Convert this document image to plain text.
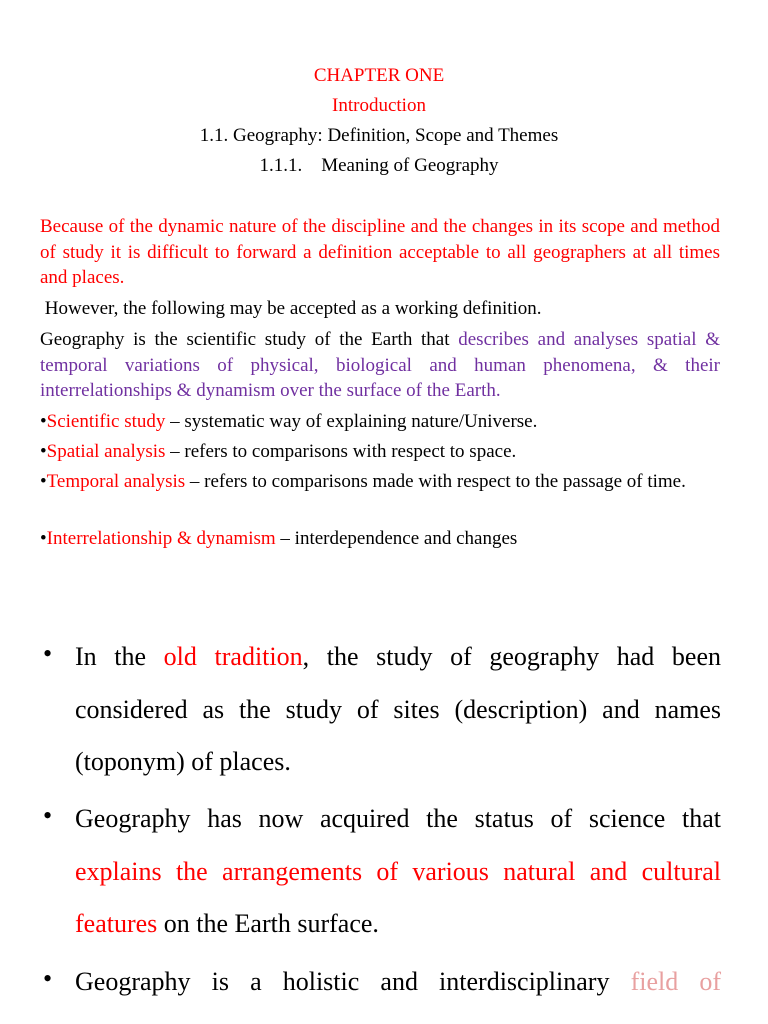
CHAPTER ONE
Introduction
1.1. Geography: Definition, Scope and Themes
1.1.1.    Meaning of Geography
Because of the dynamic nature of the discipline and the changes in its scope and method of study it is difficult to forward a definition acceptable to all geographers at all times and places.
However, the following may be accepted as a working definition.
Geography is the scientific study of the Earth that describes and analyses spatial & temporal variations of physical, biological and human phenomena, & their interrelationships & dynamism over the surface of the Earth.
•Scientific study – systematic way of explaining nature/Universe.
•Spatial analysis – refers to comparisons with respect to space.
•Temporal analysis – refers to comparisons made with respect to the passage of time.
•Interrelationship & dynamism – interdependence and changes
• In the old tradition, the study of geography had been considered as the study of sites (description) and names (toponym) of places.
• Geography has now acquired the status of science that explains the arrangements of various natural and cultural features on the Earth surface.
• Geography is a holistic and interdisciplinary field of
